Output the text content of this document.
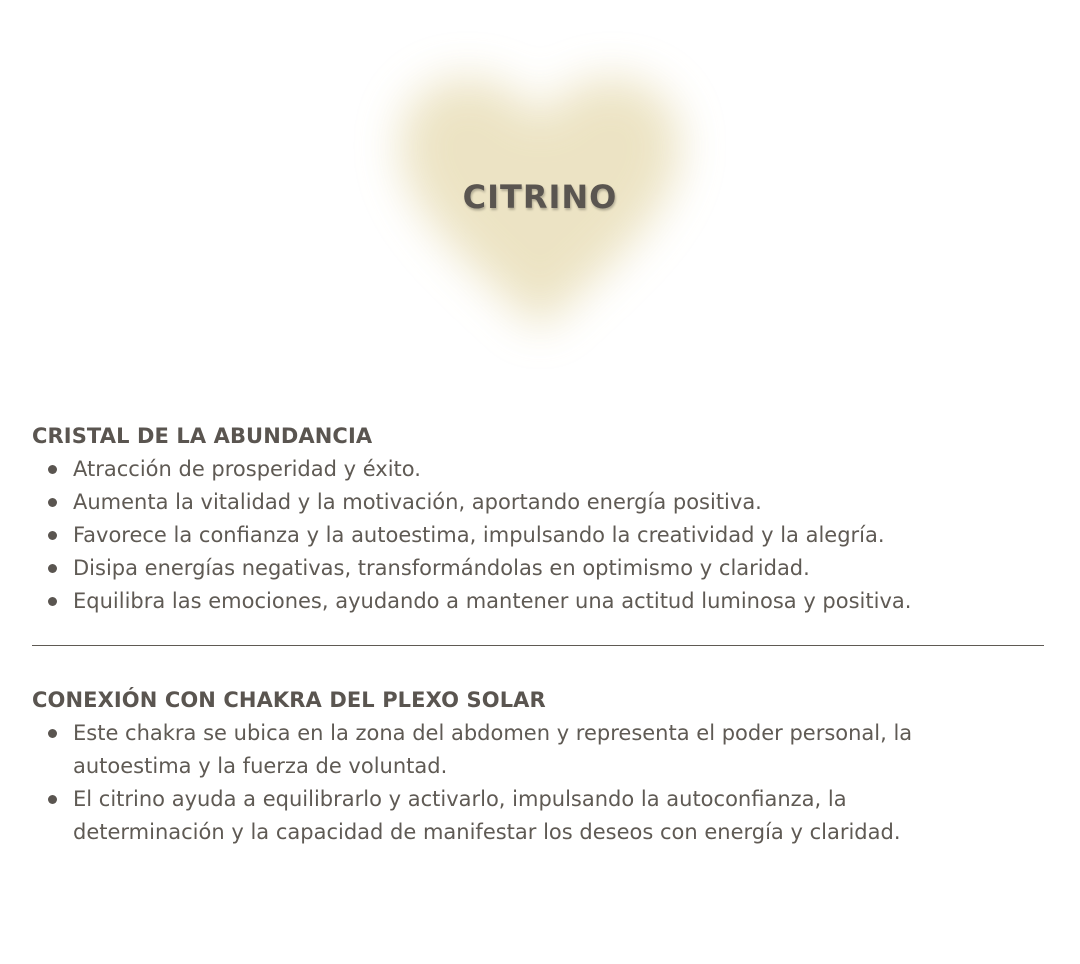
CITRINO
CRISTAL DE LA ABUNDANCIA
Atracción de prosperidad y éxito.
Aumenta la vitalidad y la motivación, aportando energía positiva.
Favorece la confianza y la autoestima, impulsando la creatividad y la alegría.
Disipa energías negativas, transformándolas en optimismo y claridad.
Equilibra las emociones, ayudando a mantener una actitud luminosa y positiva.
CONEXIÓN CON CHAKRA DEL PLEXO SOLAR
Este chakra se ubica en la zona del abdomen y representa el poder personal, la autoestima y la fuerza de voluntad.
El citrino ayuda a equilibrarlo y activarlo, impulsando la autoconfianza, la determinación y la capacidad de manifestar los deseos con energía y claridad.
